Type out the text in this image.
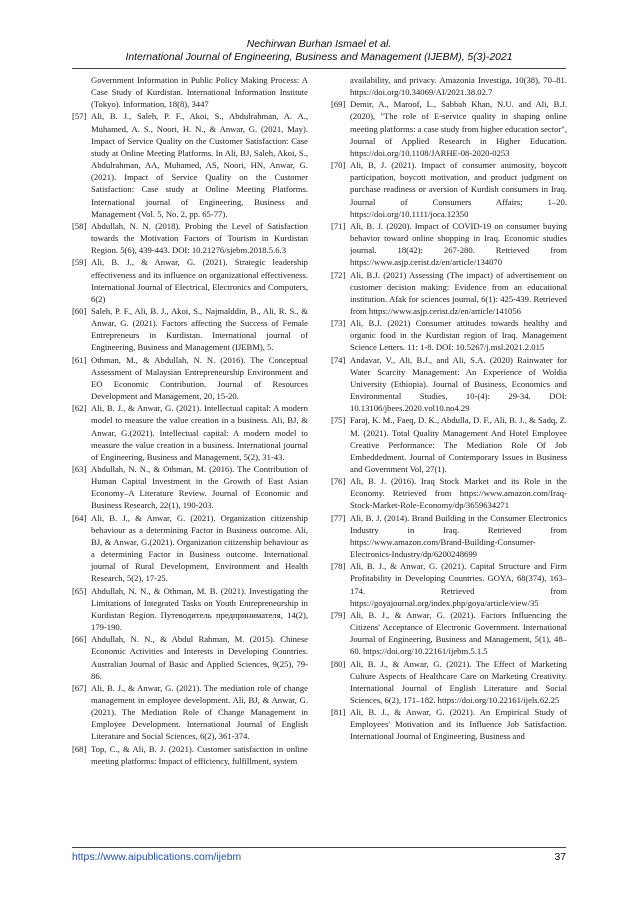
Nechirwan Burhan Ismael et al.
International Journal of Engineering, Business and Management (IJEBM), 5(3)-2021
Government Information in Public Policy Making Process: A Case Study of Kurdistan. International Information Institute (Tokyo). Information, 18(8), 3447
[57] Ali, B. J., Saleh, P. F., Akoi, S., Abdulrahman, A. A., Muhamed, A. S., Noori, H. N., & Anwar, G. (2021, May). Impact of Service Quality on the Customer Satisfaction: Case study at Online Meeting Platforms. In Ali, BJ, Saleh, Akoi, S., Abdulrahman, AA, Muhamed, AS, Noori, HN, Anwar, G.(2021). Impact of Service Quality on the Customer Satisfaction: Case study at Online Meeting Platforms. International journal of Engineering, Business and Management (Vol. 5, No. 2, pp. 65-77).
[58] Abdullah, N. N. (2018). Probing the Level of Satisfaction towards the Motivation Factors of Tourism in Kurdistan Region. 5(6), 439-443. DOI: 10.21276/sjebm.2018.5.6.3
[59] Ali, B. J., & Anwar, G. (2021). Strategic leadership effectiveness and its influence on organizational effectiveness. International Journal of Electrical, Electronics and Computers, 6(2)
[60] Saleh, P. F., Ali, B. J., Akoi, S., Najmalddin, B., Ali, R. S., & Anwar, G. (2021). Factors affecting the Success of Female Entrepreneurs in Kurdistan. International journal of Engineering, Business and Management (IJEBM), 5.
[61] Othman, M., & Abdullah, N. N. (2016). The Conceptual Assessment of Malaysian Entrepreneurship Environment and EO Economic Contribution. Journal of Resources Development and Management, 20, 15-20.
[62] Ali, B. J., & Anwar, G. (2021). Intellectual capital: A modern model to measure the value creation in a business. Ali, BJ, & Anwar, G.(2021). Intellectual capital: A modern model to measure the value creation in a business. International journal of Engineering, Business and Management, 5(2), 31-43.
[63] Abdullah, N. N., & Othman, M. (2016). The Contribution of Human Capital Investment in the Growth of East Asian Economy–A Literature Review. Journal of Economic and Business Research, 22(1), 190-203.
[64] Ali, B. J., & Anwar, G. (2021). Organization citizenship behaviour as a determining Factor in Business outcome. Ali, BJ, & Anwar, G.(2021). Organization citizenship behaviour as a determining Factor in Business outcome. International journal of Rural Development, Environment and Health Research, 5(2), 17-25.
[65] Abdullah, N. N., & Othman, M. B. (2021). Investigating the Limitations of Integrated Tasks on Youth Entrepreneurship in Kurdistan Region. Путеводитель предпринимателя, 14(2), 179-190.
[66] Abdullah, N. N., & Abdul Rahman, M. (2015). Chinese Economic Activities and Interests in Developing Countries. Australian Journal of Basic and Applied Sciences, 9(25), 79-86.
[67] Ali, B. J., & Anwar, G. (2021). The mediation role of change management in employee development. Ali, BJ, & Anwar, G.(2021). The Mediation Role of Change Management in Employee Development. International Journal of English Literature and Social Sciences, 6(2), 361-374.
[68] Top, C., & Ali, B. J. (2021). Customer satisfaction in online meeting platforms: Impact of efficiency, fulfillment, system
availability, and privacy. Amazonia Investiga, 10(38), 70–81. https://doi.org/10.34069/AI/2021.38.02.7
[69] Demir, A., Maroof, L., Sabbah Khan, N.U. and Ali, B.J. (2020), "The role of E-service quality in shaping online meeting platforms: a case study from higher education sector", Journal of Applied Research in Higher Education. https://doi.org/10.1108/JARHE-08-2020-0253
[70] Ali, B, J. (2021). Impact of consumer animosity, boycott participation, boycott motivation, and product judgment on purchase readiness or aversion of Kurdish consumers in Iraq. Journal of Consumers Affairs; 1–20. https://doi.org/10.1111/joca.12350
[71] Ali, B. J. (2020). Impact of COVID-19 on consumer buying behavior toward online shopping in Iraq. Economic studies journal. 18(42): 267-280. Retrieved from https://www.asjp.cerist.dz/en/article/134070
[72] Ali, B.J. (2021) Assessing (The impact) of advertisement on customer decision making: Evidence from an educational institution. Afak for sciences journal, 6(1): 425-439. Retrieved from https://www.asjp.cerist.dz/en/article/141056
[73] Ali, B.J. (2021) Consumer attitudes towards healthy and organic food in the Kurdistan region of Iraq. Management Science Letters. 11: 1-8. DOI: 10.5267/j.msl.2021.2.015
[74] Andavar, V., Ali, B.J., and Ali, S.A. (2020) Rainwater for Water Scarcity Management: An Experience of Woldia University (Ethiopia). Journal of Business, Economics and Environmental Studies, 10-(4): 29-34. DOI: 10.13106/jbees.2020.vol10.no4.29
[75] Faraj, K. M., Faeq, D. K., Abdulla, D. F., Ali, B. J., & Sadq, Z. M. (2021). Total Quality Management And Hotel Employee Creative Performance: The Mediation Role Of Job Embeddedment. Journal of Contemporary Issues in Business and Government Vol, 27(1).
[76] Ali, B. J. (2016). Iraq Stock Market and its Role in the Economy. Retrieved from https://www.amazon.com/Iraq-Stock-Market-Role-Economy/dp/3659634271
[77] Ali, B. J. (2014). Brand Building in the Consumer Electronics Industry in Iraq. Retrieved from https://www.amazon.com/Brand-Building-Consumer-Electronics-Industry/dp/6200248699
[78] Ali, B. J., & Anwar, G. (2021). Capital Structure and Firm Profitability in Developing Countries. GOYA, 68(374), 163–174. Retrieved from https://goyajournal.org/index.php/goya/article/view/35
[79] Ali, B. J., & Anwar, G. (2021). Factors Influencing the Citizens' Acceptance of Electronic Government. International Journal of Engineering, Business and Management, 5(1), 48–60. https://doi.org/10.22161/ijebm.5.1.5
[80] Ali, B. J., & Anwar, G. (2021). The Effect of Marketing Culture Aspects of Healthcare Care on Marketing Creativity. International Journal of English Literature and Social Sciences, 6(2), 171–182. https://doi.org/10.22161/ijels.62.25
[81] Ali, B. J., & Anwar, G. (2021). An Empirical Study of Employees' Motivation and its Influence Job Satisfaction. International Journal of Engineering, Business and
https://www.aipublications.com/ijebm	37
